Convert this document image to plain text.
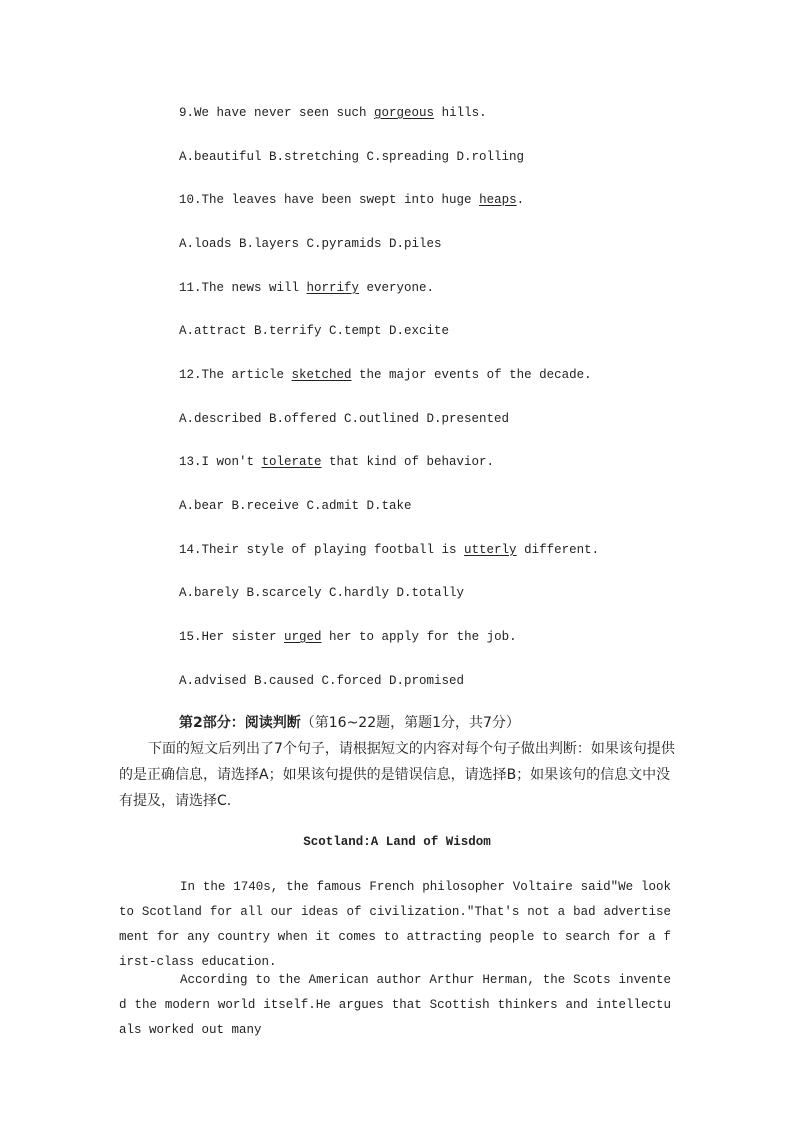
9.We have never seen such gorgeous hills.
A.beautiful B.stretching C.spreading D.rolling
10.The leaves have been swept into huge heaps.
A.loads B.layers C.pyramids D.piles
11.The news will horrify everyone.
A.attract B.terrify C.tempt D.excite
12.The article sketched the major events of the decade.
A.described B.offered C.outlined D.presented
13.I won't tolerate that kind of behavior.
A.bear B.receive C.admit D.take
14.Their style of playing football is utterly different.
A.barely B.scarcely C.hardly D.totally
15.Her sister urged her to apply for the job.
A.advised B.caused C.forced D.promised
第2部分：阅读判断（第16~22题，第题1分，共7分）
下面的短文后列出了7个句子，请根据短文的内容对每个句子做出判断：如果该句提供的是正确信息，请选择A；如果该句提供的是错误信息，请选择B；如果该句的信息文中没有提及，请选择C.
Scotland:A Land of Wisdom
In the 1740s, the famous French philosopher Voltaire said"We look to Scotland for all our ideas of civilization."That's not a bad advertisement for any country when it comes to attracting people to search for a first-class education.
According to the American author Arthur Herman, the Scots invented the modern world itself.He argues that Scottish thinkers and intellectuals worked out many
